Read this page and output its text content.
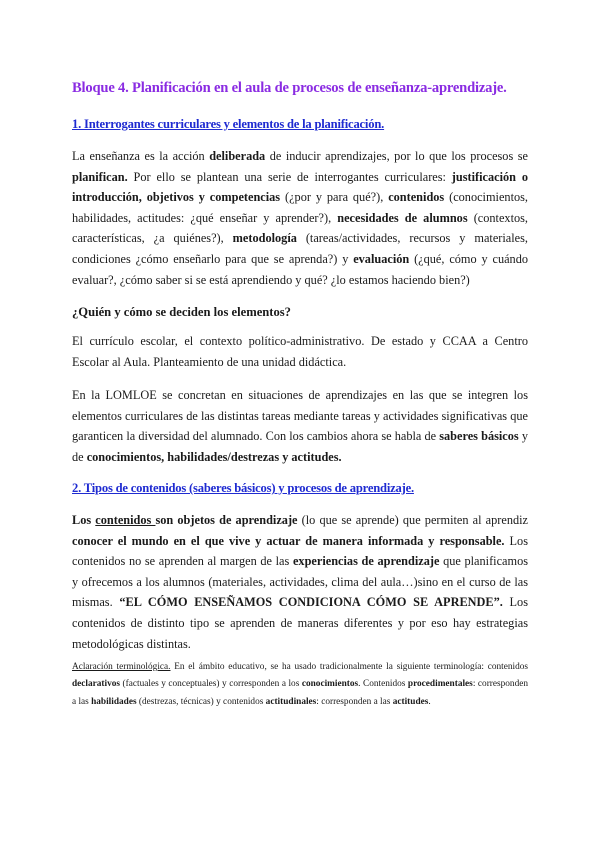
Bloque 4. Planificación en el aula de procesos de enseñanza-aprendizaje.

1. Interrogantes curriculares y elementos de la planificación.

La enseñanza es la acción deliberada de inducir aprendizajes, por lo que los procesos se planifican. Por ello se plantean una serie de interrogantes curriculares: justificación o introducción, objetivos y competencias (¿por y para qué?), contenidos (conocimientos, habilidades, actitudes: ¿qué enseñar y aprender?), necesidades de alumnos (contextos, características, ¿a quiénes?), metodología (tareas/actividades, recursos y materiales, condiciones ¿cómo enseñarlo para que se aprenda?) y evaluación (¿qué, cómo y cuándo evaluar?, ¿cómo saber si se está aprendiendo y qué? ¿lo estamos haciendo bien?)

¿Quién y cómo se deciden los elementos?

El currículo escolar, el contexto político-administrativo. De estado y CCAA a Centro Escolar al Aula. Planteamiento de una unidad didáctica.

En la LOMLOE se concretan en situaciones de aprendizajes en las que se integren los elementos curriculares de las distintas tareas mediante tareas y actividades significativas que garanticen la diversidad del alumnado. Con los cambios ahora se habla de saberes básicos y de conocimientos, habilidades/destrezas y actitudes.

2. Tipos de contenidos (saberes básicos) y procesos de aprendizaje.

Los contenidos son objetos de aprendizaje (lo que se aprende) que permiten al aprendiz conocer el mundo en el que vive y actuar de manera informada y responsable. Los contenidos no se aprenden al margen de las experiencias de aprendizaje que planificamos y ofrecemos a los alumnos (materiales, actividades, clima del aula…)sino en el curso de las mismas. “EL CÓMO ENSEÑAMOS CONDICIONA CÓMO SE APRENDE”. Los contenidos de distinto tipo se aprenden de maneras diferentes y por eso hay estrategias metodológicas distintas.

Aclaración terminológica. En el ámbito educativo, se ha usado tradicionalmente la siguiente terminología: contenidos declarativos (factuales y conceptuales) y corresponden a los conocimientos. Contenidos procedimentales: corresponden a las habilidades (destrezas, técnicas) y contenidos actitudinales: corresponden a las actitudes.
